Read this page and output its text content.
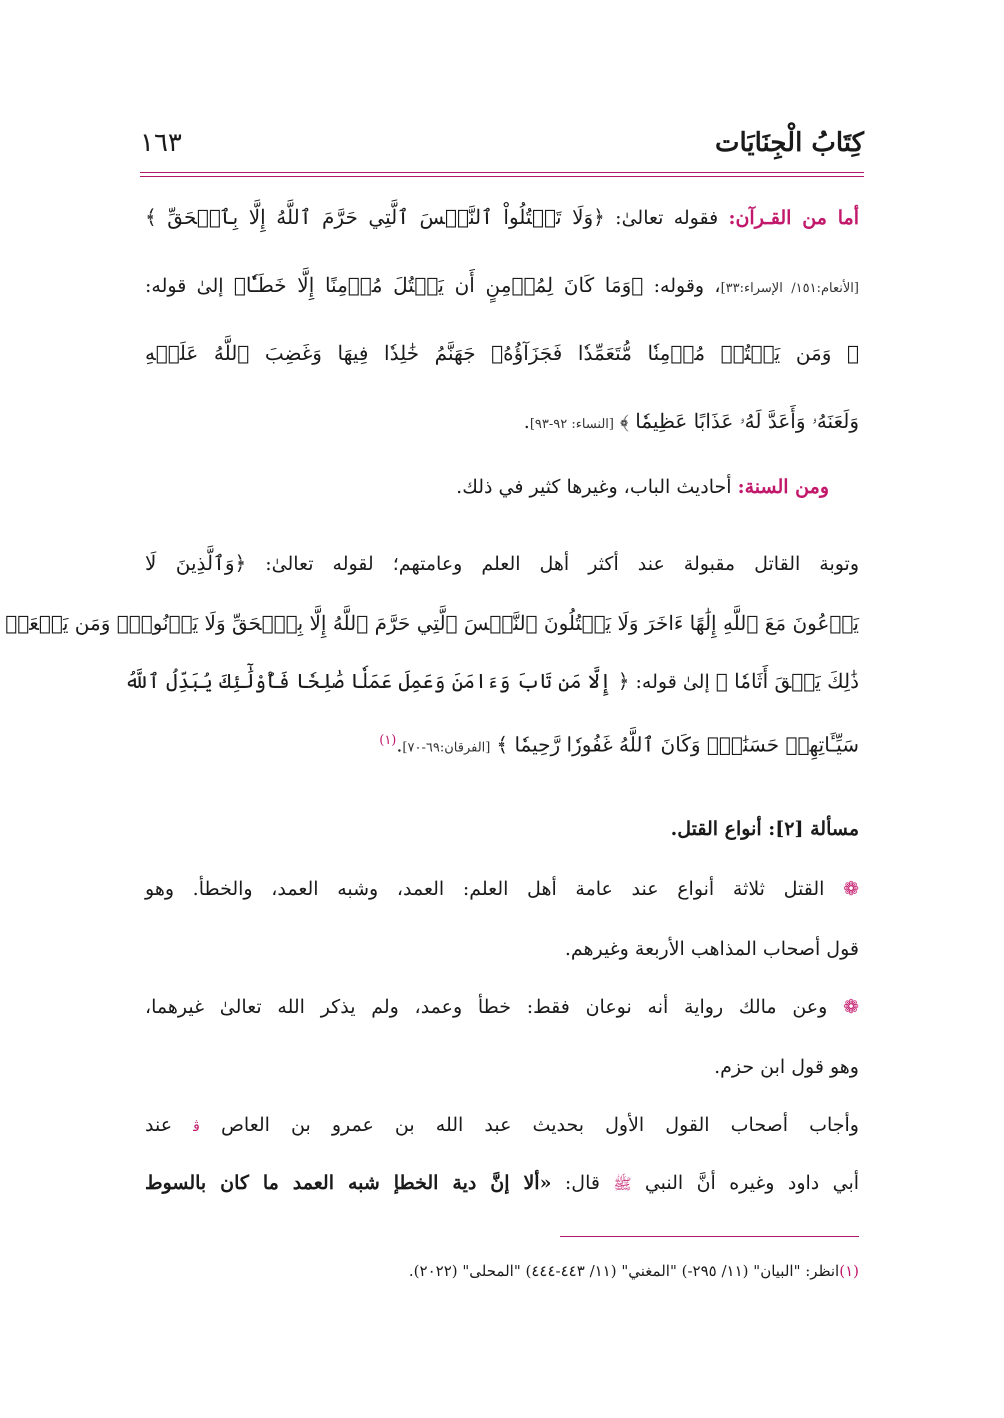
كِتَابُ الْجِنَايَات
١٦٣
أما من القـرآن: فقوله تعالىٰ: ﴿وَلَا تَقۡتُلُواْ ٱلنَّفۡسَ ٱلَّتِي حَرَّمَ ٱللَّهُ إِلَّا بِٱلۡحَقِّ ﴾
[الأنعام:١٥١/ الإسراء:٣٣]، وقوله: ﴿وَمَا كَانَ لِمُؤۡمِنٍ أَن يَقۡتُلَ مُؤۡمِنًا إِلَّا خَطَـٔٗا﴾ إلىٰ قوله:
﴿ وَمَن يَقۡتُلۡ مُؤۡمِنٗا مُّتَعَمِّدٗا فَجَزَآؤُهُۥ جَهَنَّمُ خَٰلِدٗا فِيهَا وَغَضِبَ ٱللَّهُ عَلَيۡهِ
وَلَعَنَهُۥ وَأَعَدَّ لَهُۥ عَذَابًا عَظِيمٗا ﴾ [النساء: ٩٢-٩٣].
ومن السنة: أحاديث الباب، وغيرها كثير في ذلك.
وتوبة القاتل مقبولة عند أكثر أهل العلم وعامتهم؛ لقوله تعالىٰ: ﴿وَٱلَّذِينَ لَا
يَدۡعُونَ مَعَ ٱللَّهِ إِلَٰهًا ءَاخَرَ وَلَا يَقۡتُلُونَ ٱلنَّفۡسَ ٱلَّتِي حَرَّمَ ٱللَّهُ إِلَّا بِٱلۡحَقِّ وَلَا يَزۡنُونَۚ وَمَن يَفۡعَلۡ
ذَٰلِكَ يَلۡقَ أَثَامٗا ﴾ إلىٰ قوله: ﴿ إِلَّا مَن تَابَ وَءَامَنَ وَعَمِلَ عَمَلٗا صَٰلِحٗا فَأُوْلَٰٓئِكَ يُبَدِّلُ ٱللَّهُ
سَيِّـَٔاتِهِمۡ حَسَنَٰتٖۗ وَكَانَ ٱللَّهُ غَفُورٗا رَّحِيمٗا ﴾ [الفرقان:٦٩-٧٠].$^{(١)}$
مسألة [٢]: أنواع القتل.
❁ القتل ثلاثة أنواع عند عامة أهل العلم: العمد، وشبه العمد، والخطأ. وهو
قول أصحاب المذاهب الأربعة وغيرهم.
❁ وعن مالك رواية أنه نوعان فقط: خطأ وعمد، ولم يذكر الله تعالىٰ غيرهما،
وهو قول ابن حزم.
وأجاب أصحاب القول الأول بحديث عبد الله بن عمرو بن العاص ﭬ عند
أبي داود وغيره أنَّ النبي ﷺ قال: «ألا إنَّ دية الخطإ شبه العمد ما كان بالسوط
(١)انظر: "البيان" (١١/ ٢٩٥-) "المغني" (١١/ ٤٤٣-٤٤٤) "المحلى" (٢٠٢٢).
